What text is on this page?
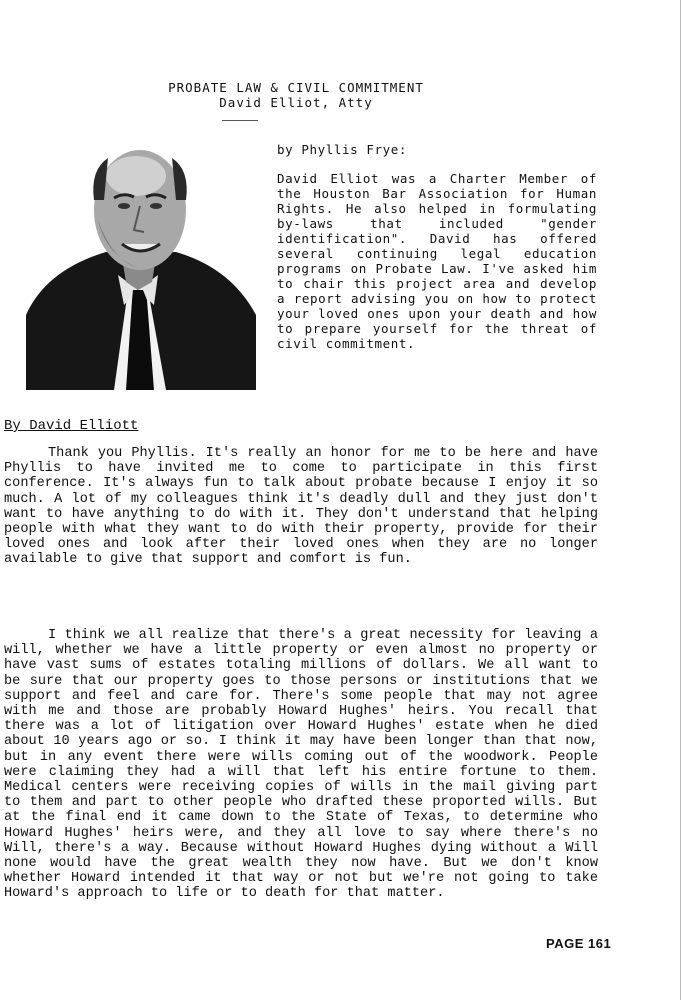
PROBATE LAW & CIVIL COMMITMENT
David Elliot, Atty
by Phyllis Frye:
David Elliot was a Charter Member of the Houston Bar Association for Human Rights. He also helped in formulating by-laws that included "gender identification". David has offered several continuing legal education programs on Probate Law. I've asked him to chair this project area and develop a report advising you on how to protect your loved ones upon your death and how to prepare yourself for the threat of civil commitment.
By David Elliott
Thank you Phyllis. It's really an honor for me to be here and have Phyllis to have invited me to come to participate in this first conference. It's always fun to talk about probate because I enjoy it so much. A lot of my colleagues think it's deadly dull and they just don't want to have anything to do with it. They don't understand that helping people with what they want to do with their property, provide for their loved ones and look after their loved ones when they are no longer available to give that support and comfort is fun.
I think we all realize that there's a great necessity for leaving a will, whether we have a little property or even almost no property or have vast sums of estates totaling millions of dollars. We all want to be sure that our property goes to those persons or institutions that we support and feel and care for. There's some people that may not agree with me and those are probably Howard Hughes' heirs. You recall that there was a lot of litigation over Howard Hughes' estate when he died about 10 years ago or so. I think it may have been longer than that now, but in any event there were wills coming out of the woodwork. People were claiming they had a will that left his entire fortune to them. Medical centers were receiving copies of wills in the mail giving part to them and part to other people who drafted these proported wills. But at the final end it came down to the State of Texas, to determine who Howard Hughes' heirs were, and they all love to say where there's no Will, there's a way. Because without Howard Hughes dying without a Will none would have the great wealth they now have. But we don't know whether Howard intended it that way or not but we're not going to take Howard's approach to life or to death for that matter.
PAGE 161
